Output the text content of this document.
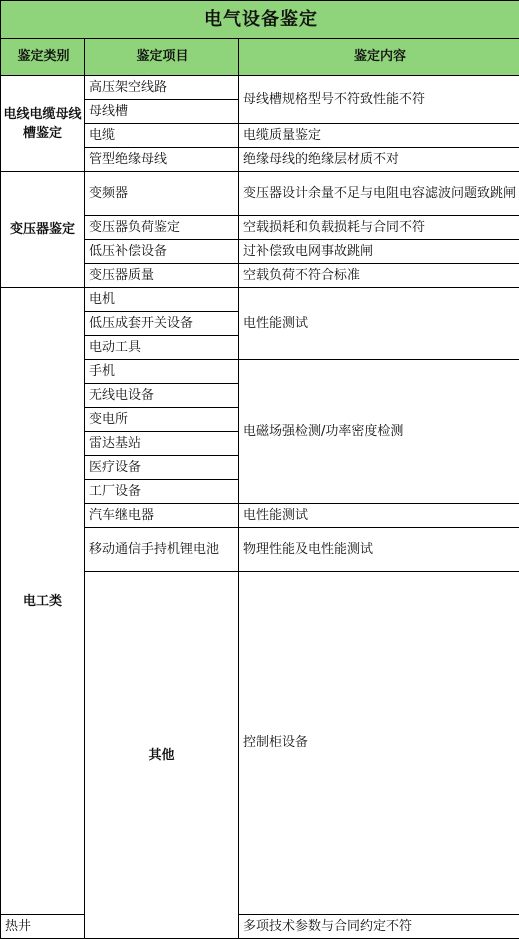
电气设备鉴定			
鉴定类别	鉴定项目	鉴定内容	
电线电缆母线槽鉴定	高压架空线路	母线槽规格型号不符致性能不符	
	母线槽		
	电缆	电缆质量鉴定	
	管型绝缘母线	绝缘母线的绝缘层材质不对	
变压器鉴定	变频器	变压器设计余量不足与电阻电容滤波问题致跳闸	
	变压器负荷鉴定	空载损耗和负载损耗与合同不符	
	低压补偿设备	过补偿致电网事故跳闸	
	变压器质量	空载负荷不符合标准	
电工类	电机	电性能测试	
	低压成套开关设备		
	电动工具		
	手机	电磁场强检测/功率密度检测	
	无线电设备		
	变电所		
	雷达基站		
	医疗设备		
	工厂设备		
	汽车继电器	电性能测试	
	移动通信手持机锂电池	物理性能及电性能测试	
	其他	控制柜设备	
热井		多项技术参数与合同约定不符	
